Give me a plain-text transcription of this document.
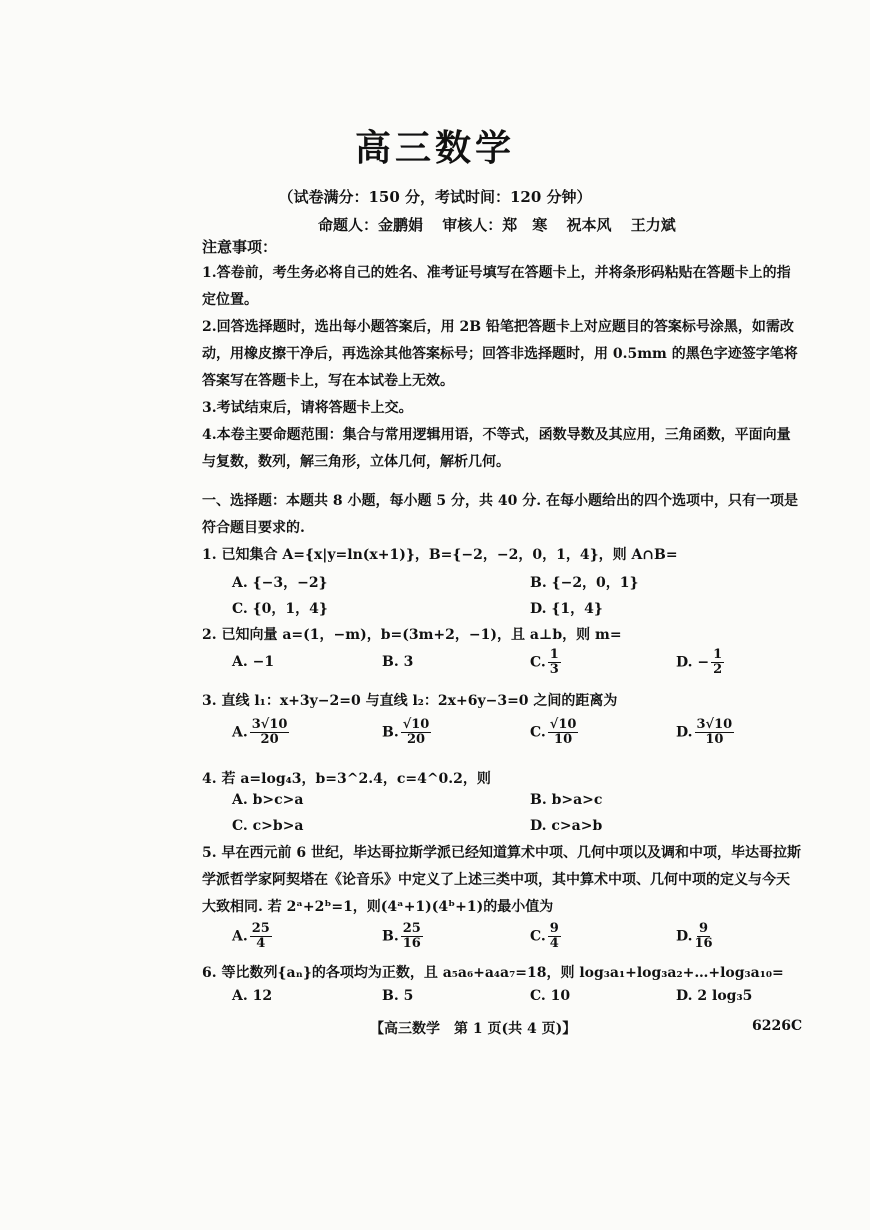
高三数学
（试卷满分：150 分，考试时间：120 分钟）
命题人：金鹏娟 审核人：郑　寒 祝本风 王力斌
注意事项：

1.答卷前，考生务必将自己的姓名、准考证号填写在答题卡上，并将条形码粘贴在答题卡上的指定位置。

2.回答选择题时，选出每小题答案后，用 2B 铅笔把答题卡上对应题目的答案标号涂黑，如需改动，用橡皮擦干净后，再选涂其他答案标号；回答非选择题时，用 0.5mm 的黑色字迹签字笔将答案写在答题卡上，写在本试卷上无效。

3.考试结束后，请将答题卡上交。

4.本卷主要命题范围：集合与常用逻辑用语，不等式，函数导数及其应用，三角函数，平面向量与复数，数列，解三角形，立体几何，解析几何。

一、选择题：本题共 8 小题，每小题 5 分，共 40 分. 在每小题给出的四个选项中，只有一项是符合题目要求的.
1. 已知集合 A={x|y=ln(x+1)}，B={−2，−2，0，1，4}，则 A∩B=
A. {−3，−2}	B. {−2，0，1}
C. {0，1，4}	D. {1，4}
2. 已知向量 a=(1，−m)，b=(3m+2，−1)，且 a⊥b，则 m=
A. −1	B. 3	C. $\frac{1}{3}$	D. − $\frac{1}{2}$
3. 直线 l₁：x+3y−2=0 与直线 l₂：2x+6y−3=0 之间的距离为
A. $\frac{3√10}{20}$	B. $\frac{√10}{20}$	C. $\frac{√10}{10}$	D. $\frac{3√10}{10}$
4. 若 a=log₄3，b=3^2.4，c=4^0.2，则
A. b>c>a	B. b>a>c
C. c>b>a	D. c>a>b
5. 早在西元前 6 世纪，毕达哥拉斯学派已经知道算术中项、几何中项以及调和中项，毕达哥拉斯学派哲学家阿契塔在《论音乐》中定义了上述三类中项，其中算术中项、几何中项的定义与今天大致相同. 若 2ᵃ+2ᵇ=1，则(4ᵃ+1)(4ᵇ+1)的最小值为
A. $\frac{25}{4}$	B. $\frac{25}{16}$	C. $\frac{9}{4}$	D. $\frac{9}{16}$
6. 等比数列{aₙ}的各项均为正数，且 a₅a₆+a₄a₇=18，则 log₃a₁+log₃a₂+…+log₃a₁₀=
A. 12	B. 5	C. 10	D. 2 log₃5
【高三数学　第 1 页(共 4 页)】	6226C
